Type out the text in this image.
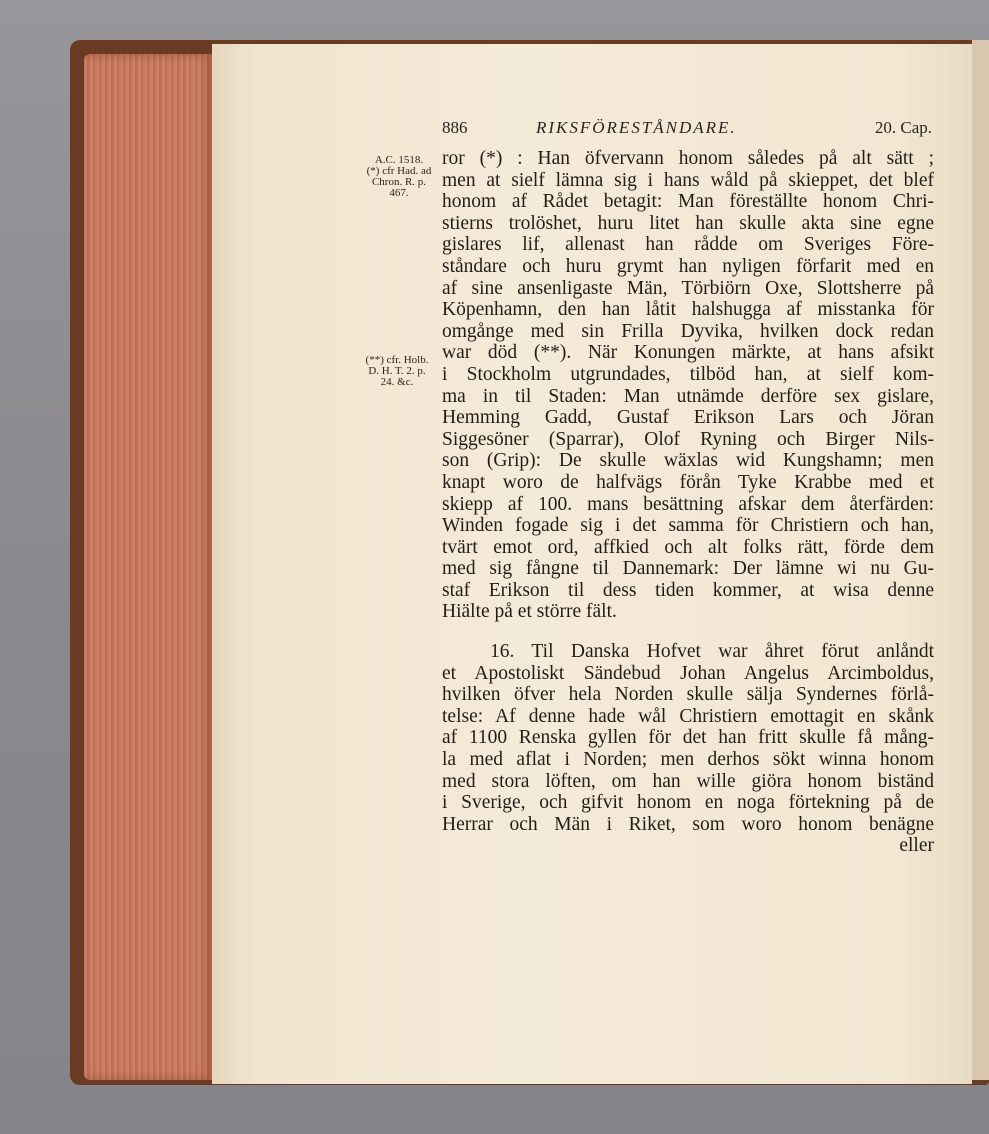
886	RIKSFÖRESTÅNDARE.	20. Cap.
A.C. 1518.
(*) cfr Had. ad
Chron. R. p.
467.
(**) cfr. Holb.
D. H. T. 2. p.
24. &c.
ror (*) : Han öfvervann honom således på alt sätt ;
men at sielf lämna sig i hans wåld på skieppet, det blef
honom af Rådet betagit: Man föreställte honom Chri-
stierns trolöshet, huru litet han skulle akta sine egne
gislares lif, allenast han rådde om Sveriges Före-
ståndare och huru grymt han nyligen förfarit med en
af sine ansenligaste Män, Törbiörn Oxe, Slottsherre på
Köpenhamn, den han låtit halshugga af misstanka för
omgånge med sin Frilla Dyvika, hvilken dock redan
war död (**). När Konungen märkte, at hans afsikt
i Stockholm utgrundades, tilböd han, at sielf kom-
ma in til Staden: Man utnämde derföre sex gislare,
Hemming Gadd, Gustaf Erikson Lars och Jöran
Siggesöner (Sparrar), Olof Ryning och Birger Nils-
son (Grip): De skulle wäxlas wid Kungshamn; men
knapt woro de halfvägs förån Tyke Krabbe med et
skiepp af 100. mans besättning afskar dem återfärden:
Winden fogade sig i det samma för Christiern och han,
tvärt emot ord, affkied och alt folks rätt, förde dem
med sig fångne til Dannemark: Der lämne wi nu Gu-
staf Erikson til dess tiden kommer, at wisa denne
Hiälte på et större fält.
16. Til Danska Hofvet war åhret förut anlåndt
et Apostoliskt Sändebud Johan Angelus Arcimboldus,
hvilken öfver hela Norden skulle sälja Syndernes förlå-
telse: Af denne hade wål Christiern emottagit en skånk
af 1100 Renska gyllen för det han fritt skulle få mång-
la med aflat i Norden; men derhos sökt winna honom
med stora löften, om han wille giöra honom biständ
i Sverige, och gifvit honom en noga förtekning på de
Herrar och Män i Riket, som woro honom benägne
eller
